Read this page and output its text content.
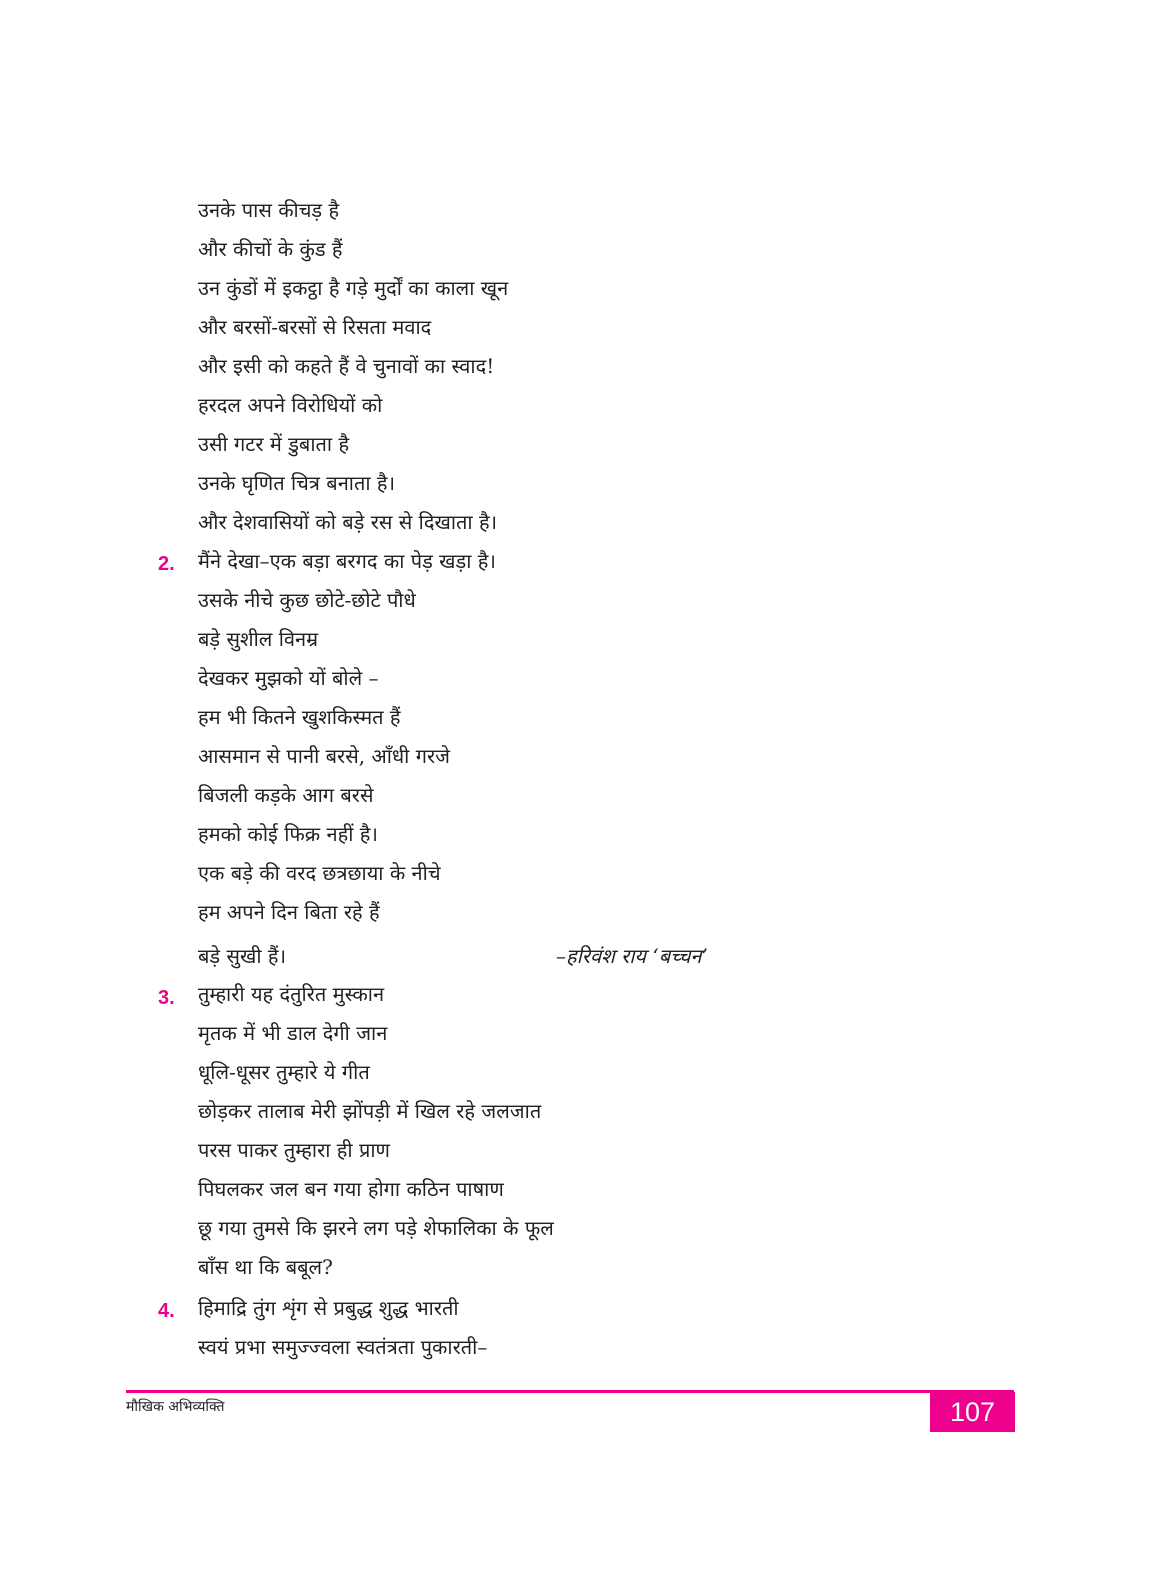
उनके पास कीचड़ है
और कीचों के कुंड हैं
उन कुंडों में इकट्ठा है गड़े मुर्दों का काला खून
और बरसों-बरसों से रिसता मवाद
और इसी को कहते हैं वे चुनावों का स्वाद!
हरदल अपने विरोधियों को
उसी गटर में डुबाता है
उनके घृणित चित्र बनाता है।
और देशवासियों को बड़े रस से दिखाता है।
2. मैंने देखा–एक बड़ा बरगद का पेड़ खड़ा है।
उसके नीचे कुछ छोटे-छोटे पौधे
बड़े सुशील विनम्र
देखकर मुझको यों बोले –
हम भी कितने खुशकिस्मत हैं
आसमान से पानी बरसे, आँधी गरजे
बिजली कड़के आग बरसे
हमको कोई फिक्र नहीं है।
एक बड़े की वरद छत्रछाया के नीचे
हम अपने दिन बिता रहे हैं
बड़े सुखी हैं।	–हरिवंश राय ‘बच्चन’
3. तुम्हारी यह दंतुरित मुस्कान
मृतक में भी डाल देगी जान
धूलि-धूसर तुम्हारे ये गीत
छोड़कर तालाब मेरी झोंपड़ी में खिल रहे जलजात
परस पाकर तुम्हारा ही प्राण
पिघलकर जल बन गया होगा कठिन पाषाण
छू गया तुमसे कि झरने लग पड़े शेफालिका के फूल
बाँस था कि बबूल?
4. हिमाद्रि तुंग शृंग से प्रबुद्ध शुद्ध भारती
स्वयं प्रभा समुज्ज्वला स्वतंत्रता पुकारती–
मौखिक अभिव्यक्ति	107
